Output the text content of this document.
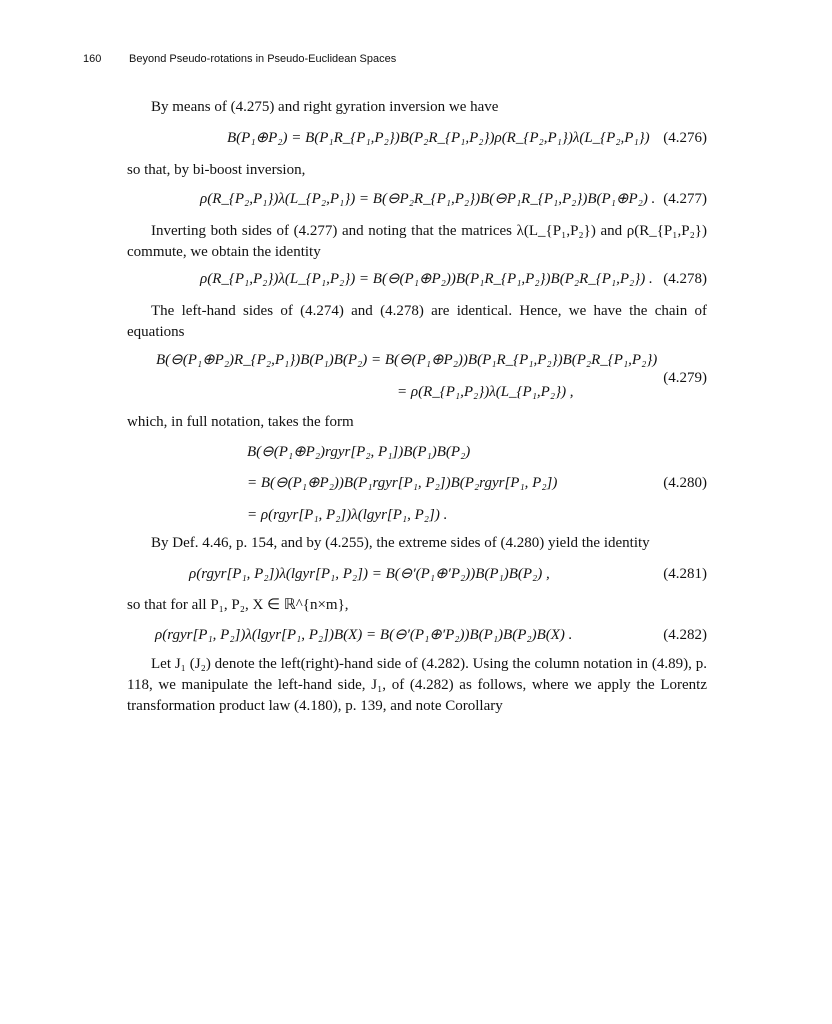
160	Beyond Pseudo-rotations in Pseudo-Euclidean Spaces
By means of (4.275) and right gyration inversion we have
B(P₁⊕P₂) = B(P₁R_{P₁,P₂})B(P₂R_{P₁,P₂})ρ(R_{P₂,P₁})λ(L_{P₂,P₁}) (4.276)
so that, by bi-boost inversion,
ρ(R_{P₂,P₁})λ(L_{P₂,P₁}) = B(⊖P₂R_{P₁,P₂})B(⊖P₁R_{P₁,P₂})B(P₁⊕P₂) . (4.277)
Inverting both sides of (4.277) and noting that the matrices λ(L_{P₁,P₂}) and ρ(R_{P₁,P₂}) commute, we obtain the identity
ρ(R_{P₁,P₂})λ(L_{P₁,P₂}) = B(⊖(P₁⊕P₂))B(P₁R_{P₁,P₂})B(P₂R_{P₁,P₂}) . (4.278)
The left-hand sides of (4.274) and (4.278) are identical. Hence, we have the chain of equations
B(⊖(P₁⊕P₂)R_{P₂,P₁})B(P₁)B(P₂) = B(⊖(P₁⊕P₂))B(P₁R_{P₁,P₂})B(P₂R_{P₁,P₂})
= ρ(R_{P₁,P₂})λ(L_{P₁,P₂}) ,
(4.279)
which, in full notation, takes the form
B(⊖(P₁⊕P₂)rgyr[P₂, P₁])B(P₁)B(P₂)
= B(⊖(P₁⊕P₂))B(P₁rgyr[P₁, P₂])B(P₂rgyr[P₁, P₂])
= ρ(rgyr[P₁, P₂])λ(lgyr[P₁, P₂]) .
(4.280)
By Def. 4.46, p. 154, and by (4.255), the extreme sides of (4.280) yield the identity
ρ(rgyr[P₁, P₂])λ(lgyr[P₁, P₂]) = B(⊖′(P₁⊕′P₂))B(P₁)B(P₂) ,	(4.281)
so that for all P₁, P₂, X ∈ ℝ^{n×m},
ρ(rgyr[P₁, P₂])λ(lgyr[P₁, P₂])B(X) = B(⊖′(P₁⊕′P₂))B(P₁)B(P₂)B(X) .	(4.282)
Let J₁ (J₂) denote the left(right)-hand side of (4.282). Using the column notation in (4.89), p. 118, we manipulate the left-hand side, J₁, of (4.282) as follows, where we apply the Lorentz transformation product law (4.180), p. 139, and note Corollary
